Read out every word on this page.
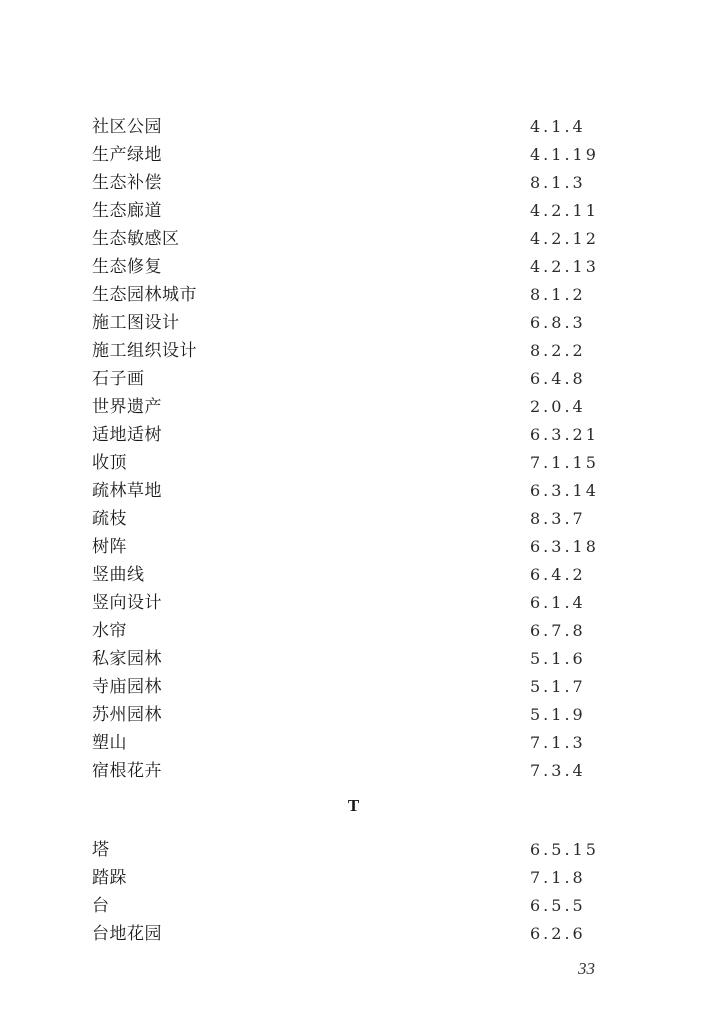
社区公园	4.1.4
生产绿地	4.1.19
生态补偿	8.1.3
生态廊道	4.2.11
生态敏感区	4.2.12
生态修复	4.2.13
生态园林城市	8.1.2
施工图设计	6.8.3
施工组织设计	8.2.2
石子画	6.4.8
世界遗产	2.0.4
适地适树	6.3.21
收顶	7.1.15
疏林草地	6.3.14
疏枝	8.3.7
树阵	6.3.18
竖曲线	6.4.2
竖向设计	6.1.4
水帘	6.7.8
私家园林	5.1.6
寺庙园林	5.1.7
苏州园林	5.1.9
塑山	7.1.3
宿根花卉	7.3.4
T
塔	6.5.15
踏跺	7.1.8
台	6.5.5
台地花园	6.2.6
33
